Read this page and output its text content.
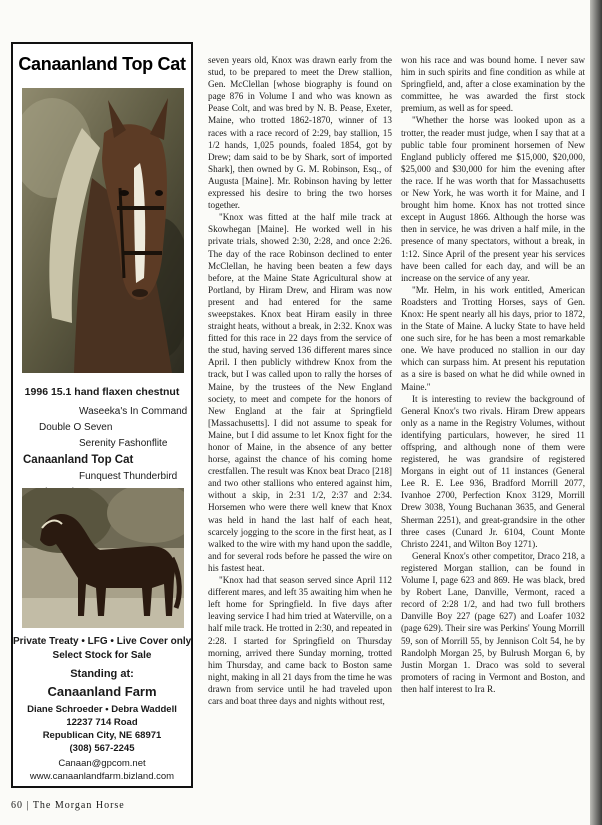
Canaanland Top Cat
1996 15.1 hand flaxen chestnut
Waseeka's In Command
Double O Seven
Serenity Fashonflite
Canaanland Top Cat
Funquest Thunderbird
Private Treaty • LFG • Live Cover only
Select Stock for Sale
Standing at:
Canaanland Farm
Diane Schroeder • Debra Waddell
12237 714 Road
Republican City, NE 68971
(308) 567-2245
Canaan@gpcom.net
www.canaanlandfarm.bizland.com

seven years old, Knox was drawn early from the stud, to be prepared to meet the Drew stallion, Gen. McClellan [whose biography is found on page 876 in Volume I and who was known as Pease Colt, and was bred by N. B. Pease, Exeter, Maine, who trotted 1862-1870, winner of 13 races with a race record of 2:29, bay stallion, 15 1/2 hands, 1,025 pounds, foaled 1854, got by Drew; dam said to be by Shark, sort of imported Shark], then owned by G. M. Robinson, Esq., of Augusta [Maine]. Mr. Robinson having by letter expressed his desire to bring the two horses together.

"Knox was fitted at the half mile track at Skowhegan [Maine]. He worked well in his private trials, showed 2:30, 2:28, and once 2:26. The day of the race Robinson declined to enter McClellan, he having been beaten a few days before, at the Maine State Agricultural show at Portland, by Hiram Drew, and Hiram was now present and had entered for the same sweepstakes. Knox beat Hiram easily in three straight heats, without a break, in 2:32. Knox was fitted for this race in 22 days from the service of the stud, having served 136 different mares since April. I then publicly withdrew Knox from the track, but I was called upon to rally the horses of Maine, by the trustees of the New England society, to meet and compete for the honors of New England at the fair at Springfield [Massachusetts]. I did not assume to speak for Maine, but I did assume to let Knox fight for the honor of Maine, in the absence of any better horse, against the chance of his coming home crestfallen. The result was Knox beat Draco [218] and two other stallions who entered against him, without a skip, in 2:31 1/2, 2:37 and 2:34. Horsemen who were there well knew that Knox was held in hand the last half of each heat, scarcely jogging to the score in the first heat, as I walked to the wire with my hand upon the saddle, and for several rods before he passed the wire on his fastest heat.

"Knox had that season served since April 112 different mares, and left 35 awaiting him when he left home for Springfield. In five days after leaving service I had him tried at Waterville, on a half mile track. He trotted in 2:30, and repeated in 2:28. I started for Springfield on Thursday morning, arrived there Sunday morning, trotted him Thursday, and came back to Boston same night, making in all 21 days from the time he was drawn from service until he had traveled upon cars and boat three days and nights without rest,

won his race and was bound home. I never saw him in such spirits and fine condition as while at Springfield, and, after a close examination by the committee, he was awarded the first stock premium, as well as for speed.

"Whether the horse was looked upon as a trotter, the reader must judge, when I say that at a public table four prominent horsemen of New England publicly offered me $15,000, $20,000, $25,000 and $30,000 for him the evening after the race. If he was worth that for Massachusetts or New York, he was worth it for Maine, and I brought him home. Knox has not trotted since except in August 1866. Although the horse was then in service, he was driven a half mile, in the presence of many spectators, without a break, in 1:12. Since April of the present year his services have been called for each day, and will be an increase on the service of any year.

"Mr. Helm, in his work entitled, American Roadsters and Trotting Horses, says of Gen. Knox: He spent nearly all his days, prior to 1872, in the State of Maine. A lucky State to have held one such sire, for he has been a most remarkable one. We have produced no stallion in our day which can surpass him. At present his reputation as a sire is based on what he did while owned in Maine."

It is interesting to review the background of General Knox's two rivals. Hiram Drew appears only as a name in the Registry Volumes, without identifying particulars, however, he sired 11 offspring, and although none of them were registered, he was grandsire of registered Morgans in eight out of 11 instances (General Lee R. E. Lee 936, Bradford Morrill 2077, Ivanhoe 2700, Perfection Knox 3129, Morrill Drew 3038, Young Buchanan 3635, and General Sherman 2251), and great-grandsire in the other three cases (Cunard Jr. 6104, Count Monte Christo 2241, and Wilton Boy 1271).

General Knox's other competitor, Draco 218, a registered Morgan stallion, can be found in Volume I, page 623 and 869. He was black, bred by Robert Lane, Danville, Vermont, raced a record of 2:28 1/2, and had two full brothers Danville Boy 227 (page 627) and Loafer 1032 (page 629). Their sire was Perkins' Young Morrill 59, son of Morrill 55, by Jennison Colt 54, he by Randolph Morgan 25, by Bulrush Morgan 6, by Justin Morgan 1. Draco was sold to several promoters of racing in Vermont and Boston, and then half interest to Ira R.

60 | The Morgan Horse
